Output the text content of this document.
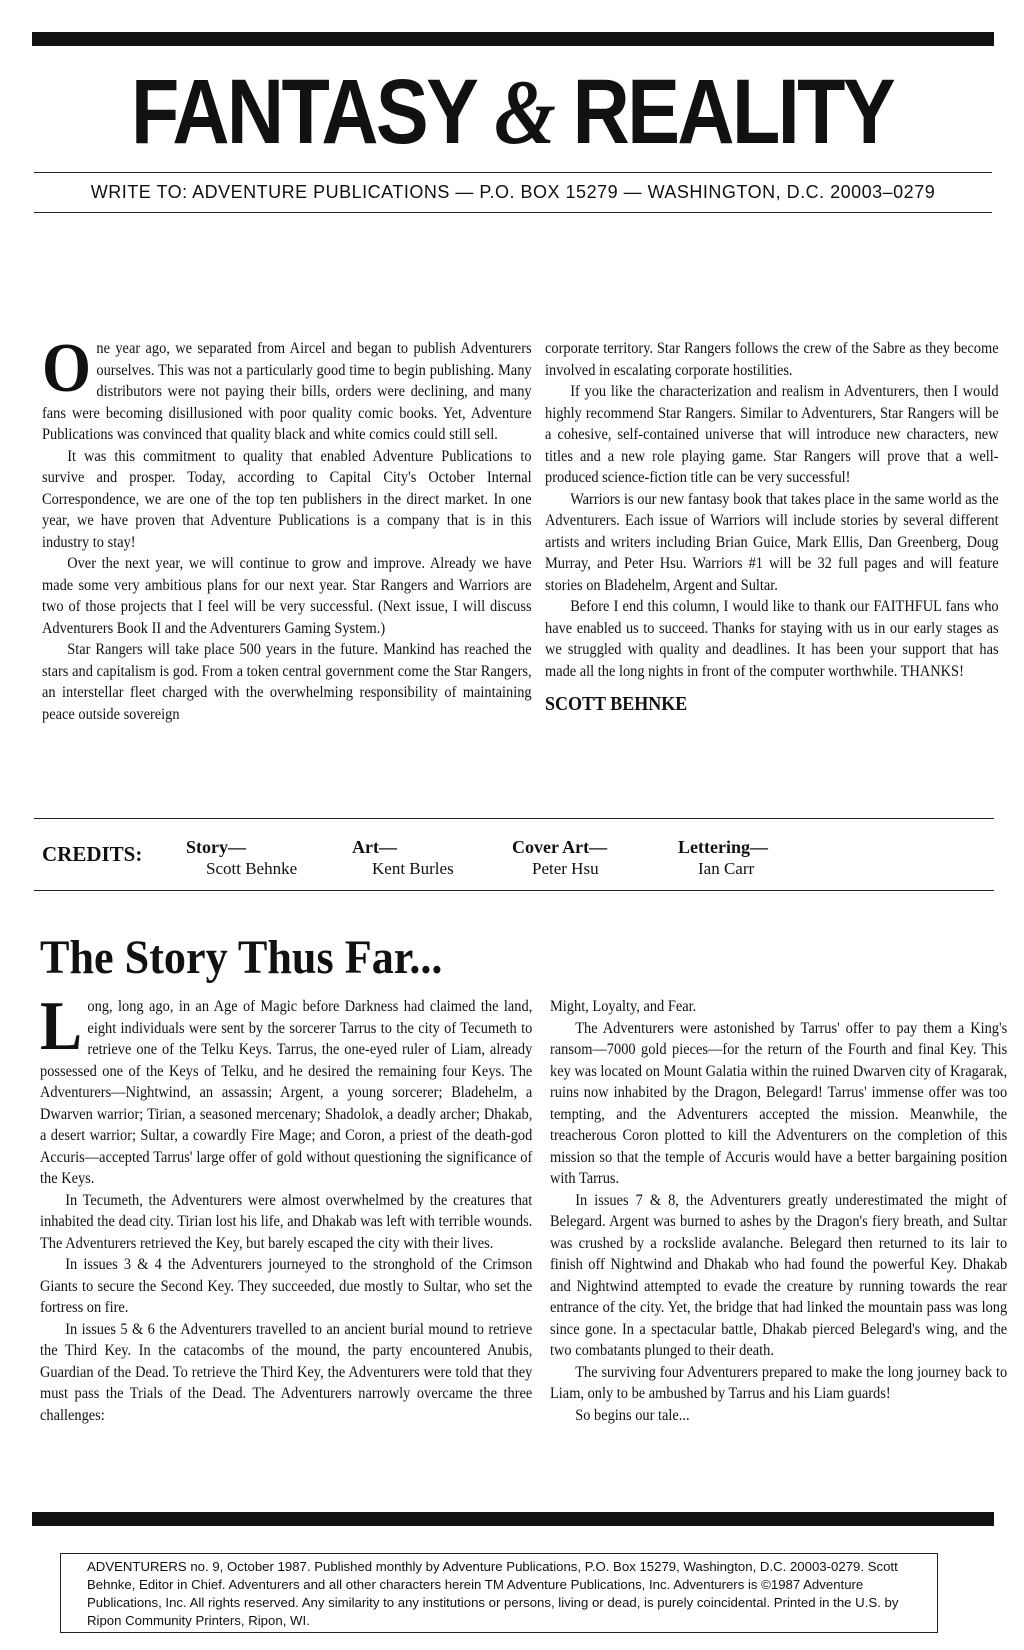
FANTASY & REALITY
WRITE TO: ADVENTURE PUBLICATIONS — P.O. BOX 15279 — WASHINGTON, D.C. 20003–0279

One year ago, we separated from Aircel and began to publish Adventurers ourselves. This was not a particularly good time to begin publishing. Many distributors were not paying their bills, orders were declining, and many fans were becoming disillusioned with poor quality comic books. Yet, Adventure Publications was convinced that quality black and white comics could still sell.

It was this commitment to quality that enabled Adventure Publications to survive and prosper. Today, according to Capital City's October Internal Correspondence, we are one of the top ten publishers in the direct market. In one year, we have proven that Adventure Publications is a company that is in this industry to stay!

Over the next year, we will continue to grow and improve. Already we have made some very ambitious plans for our next year. Star Rangers and Warriors are two of those projects that I feel will be very successful. (Next issue, I will discuss Adventurers Book II and the Adventurers Gaming System.)

Star Rangers will take place 500 years in the future. Mankind has reached the stars and capitalism is god. From a token central government come the Star Rangers, an interstellar fleet charged with the overwhelming responsibility of maintaining peace outside sovereign

corporate territory. Star Rangers follows the crew of the Sabre as they become involved in escalating corporate hostilities.

If you like the characterization and realism in Adventurers, then I would highly recommend Star Rangers. Similar to Adventurers, Star Rangers will be a cohesive, self-contained universe that will introduce new characters, new titles and a new role playing game. Star Rangers will prove that a well-produced science-fiction title can be very successful!

Warriors is our new fantasy book that takes place in the same world as the Adventurers. Each issue of Warriors will include stories by several different artists and writers including Brian Guice, Mark Ellis, Dan Greenberg, Doug Murray, and Peter Hsu. Warriors #1 will be 32 full pages and will feature stories on Bladehelm, Argent and Sultar.

Before I end this column, I would like to thank our FAITHFUL fans who have enabled us to succeed. Thanks for staying with us in our early stages as we struggled with quality and deadlines. It has been your support that has made all the long nights in front of the computer worthwhile. THANKS!

SCOTT BEHNKE
CREDITS: Story—
Scott Behnke
Art—
Kent Burles
Cover Art—
Peter Hsu
Lettering—
Ian Carr
The Story Thus Far...

Long, long ago, in an Age of Magic before Darkness had claimed the land, eight individuals were sent by the sorcerer Tarrus to the city of Tecumeth to retrieve one of the Telku Keys. Tarrus, the one-eyed ruler of Liam, already possessed one of the Keys of Telku, and he desired the remaining four Keys. The Adventurers—Nightwind, an assassin; Argent, a young sorcerer; Bladehelm, a Dwarven warrior; Tirian, a seasoned mercenary; Shadolok, a deadly archer; Dhakab, a desert warrior; Sultar, a cowardly Fire Mage; and Coron, a priest of the death-god Accuris—accepted Tarrus' large offer of gold without questioning the significance of the Keys.

In Tecumeth, the Adventurers were almost overwhelmed by the creatures that inhabited the dead city. Tirian lost his life, and Dhakab was left with terrible wounds. The Adventurers retrieved the Key, but barely escaped the city with their lives.

In issues 3 & 4 the Adventurers journeyed to the stronghold of the Crimson Giants to secure the Second Key. They succeeded, due mostly to Sultar, who set the fortress on fire.

In issues 5 & 6 the Adventurers travelled to an ancient burial mound to retrieve the Third Key. In the catacombs of the mound, the party encountered Anubis, Guardian of the Dead. To retrieve the Third Key, the Adventurers were told that they must pass the Trials of the Dead. The Adventurers narrowly overcame the three challenges:

Might, Loyalty, and Fear.

The Adventurers were astonished by Tarrus' offer to pay them a King's ransom—7000 gold pieces—for the return of the Fourth and final Key. This key was located on Mount Galatia within the ruined Dwarven city of Kragarak, ruins now inhabited by the Dragon, Belegard! Tarrus' immense offer was too tempting, and the Adventurers accepted the mission. Meanwhile, the treacherous Coron plotted to kill the Adventurers on the completion of this mission so that the temple of Accuris would have a better bargaining position with Tarrus.

In issues 7 & 8, the Adventurers greatly underestimated the might of Belegard. Argent was burned to ashes by the Dragon's fiery breath, and Sultar was crushed by a rockslide avalanche. Belegard then returned to its lair to finish off Nightwind and Dhakab who had found the powerful Key. Dhakab and Nightwind attempted to evade the creature by running towards the rear entrance of the city. Yet, the bridge that had linked the mountain pass was long since gone. In a spectacular battle, Dhakab pierced Belegard's wing, and the two combatants plunged to their death.

The surviving four Adventurers prepared to make the long journey back to Liam, only to be ambushed by Tarrus and his Liam guards!

So begins our tale...

ADVENTURERS no. 9, October 1987. Published monthly by Adventure Publications, P.O. Box 15279, Washington, D.C. 20003-0279. Scott Behnke, Editor in Chief. Adventurers and all other characters herein TM Adventure Publications, Inc. Adventurers is ©1987 Adventure Publications, Inc. All rights reserved. Any similarity to any institutions or persons, living or dead, is purely coincidental. Printed in the U.S. by Ripon Community Printers, Ripon, WI.
